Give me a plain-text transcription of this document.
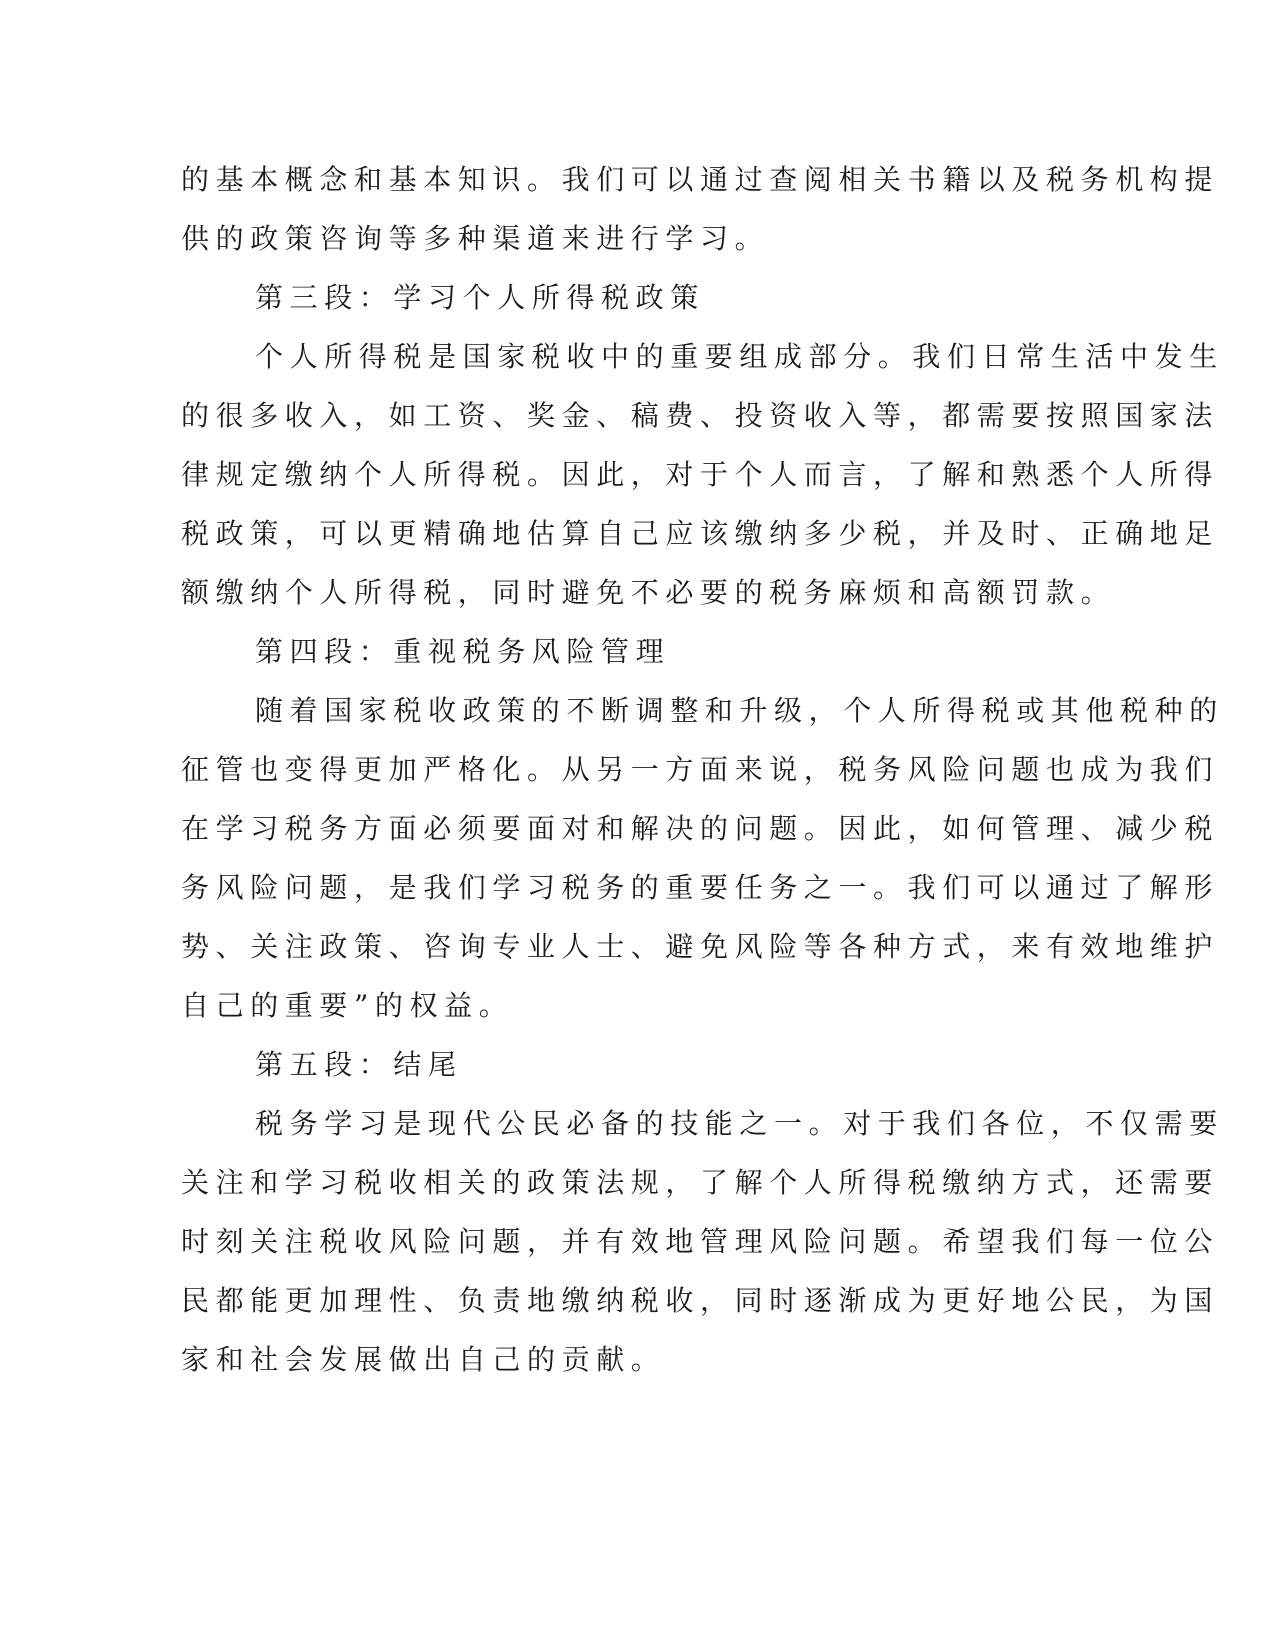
的基本概念和基本知识。我们可以通过查阅相关书籍以及税务机构提
供的政策咨询等多种渠道来进行学习。
第三段：学习个人所得税政策
个人所得税是国家税收中的重要组成部分。我们日常生活中发生
的很多收入，如工资、奖金、稿费、投资收入等，都需要按照国家法
律规定缴纳个人所得税。因此，对于个人而言，了解和熟悉个人所得
税政策，可以更精确地估算自己应该缴纳多少税，并及时、正确地足
额缴纳个人所得税，同时避免不必要的税务麻烦和高额罚款。
第四段：重视税务风险管理
随着国家税收政策的不断调整和升级，个人所得税或其他税种的
征管也变得更加严格化。从另一方面来说，税务风险问题也成为我们
在学习税务方面必须要面对和解决的问题。因此，如何管理、减少税
务风险问题，是我们学习税务的重要任务之一。我们可以通过了解形
势、关注政策、咨询专业人士、避免风险等各种方式，来有效地维护
自己的重要”的权益。
第五段：结尾
税务学习是现代公民必备的技能之一。对于我们各位，不仅需要
关注和学习税收相关的政策法规，了解个人所得税缴纳方式，还需要
时刻关注税收风险问题，并有效地管理风险问题。希望我们每一位公
民都能更加理性、负责地缴纳税收，同时逐渐成为更好地公民，为国
家和社会发展做出自己的贡献。
